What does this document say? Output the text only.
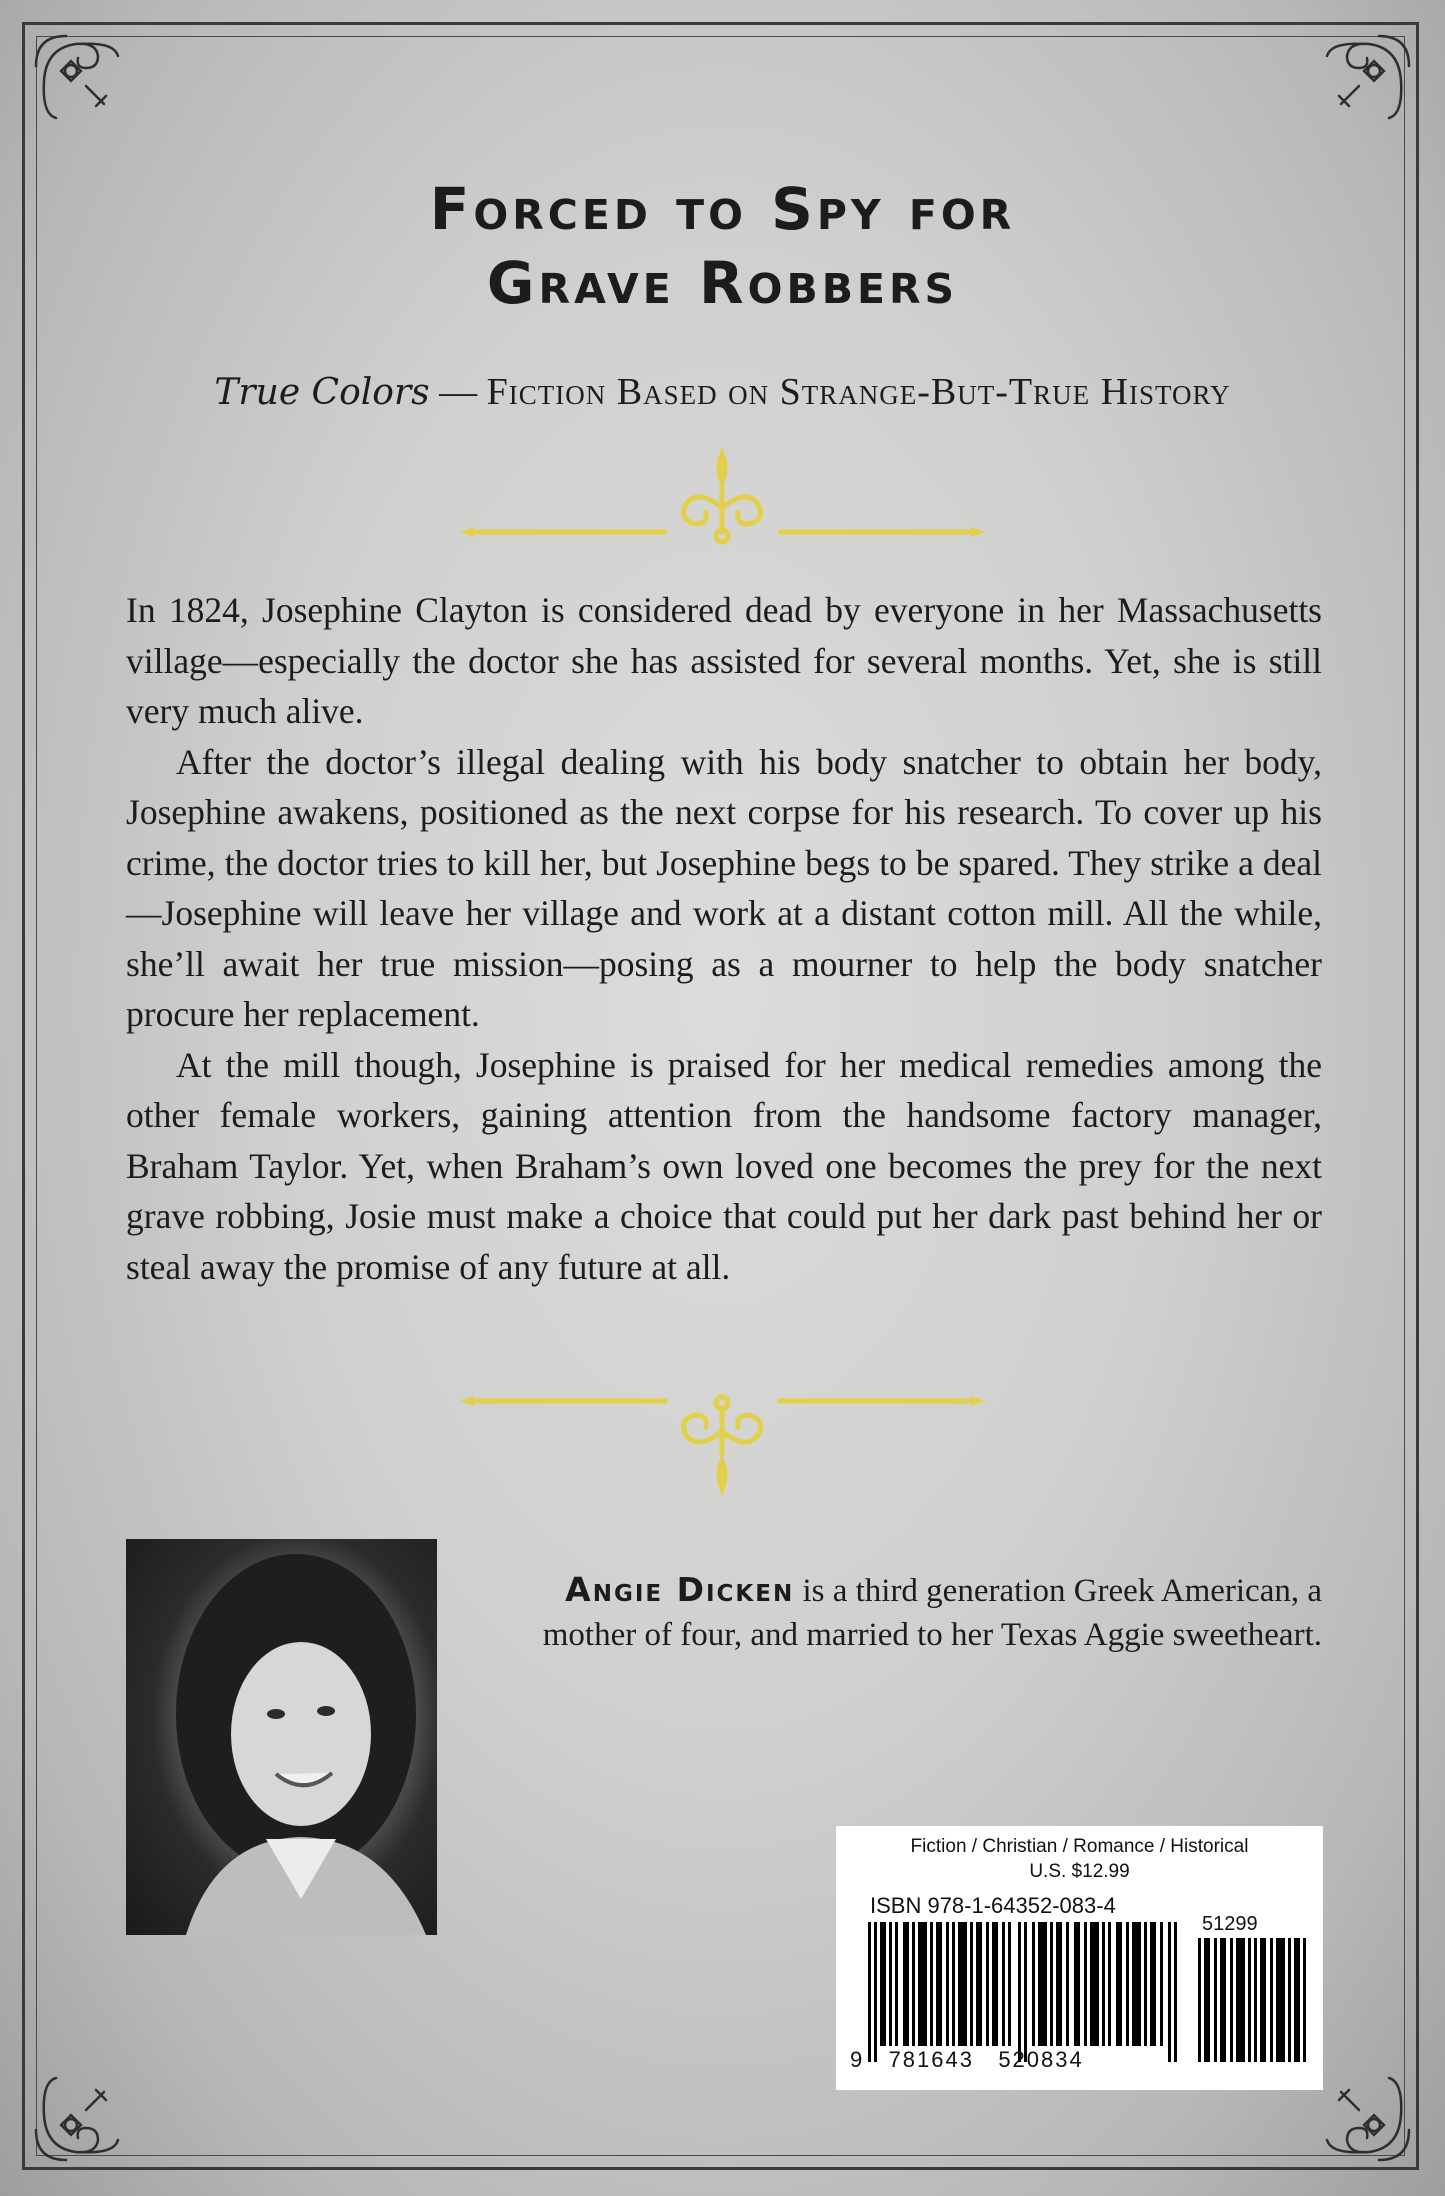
Forced to Spy for
Grave Robbers
True Colors — Fiction Based on Strange-But-True History

In 1824, Josephine Clayton is considered dead by everyone in her Massachusetts village—especially the doctor she has assisted for several months. Yet, she is still very much alive.

After the doctor’s illegal dealing with his body snatcher to obtain her body, Josephine awakens, positioned as the next corpse for his research. To cover up his crime, the doctor tries to kill her, but Josephine begs to be spared. They strike a deal—Josephine will leave her village and work at a distant cotton mill. All the while, she’ll await her true mission—posing as a mourner to help the body snatcher procure her replacement.

At the mill though, Josephine is praised for her medical remedies among the other female workers, gaining attention from the handsome factory manager, Braham Taylor. Yet, when Braham’s own loved one becomes the prey for the next grave robbing, Josie must make a choice that could put her dark past behind her or steal away the promise of any future at all.

Angie Dicken is a third generation Greek American, a mother of four, and married to her Texas Aggie sweetheart.
Fiction / Christian / Romance / Historical
U.S. $12.99
ISBN 978-1-64352-083-4
51299
9   781643   520834
